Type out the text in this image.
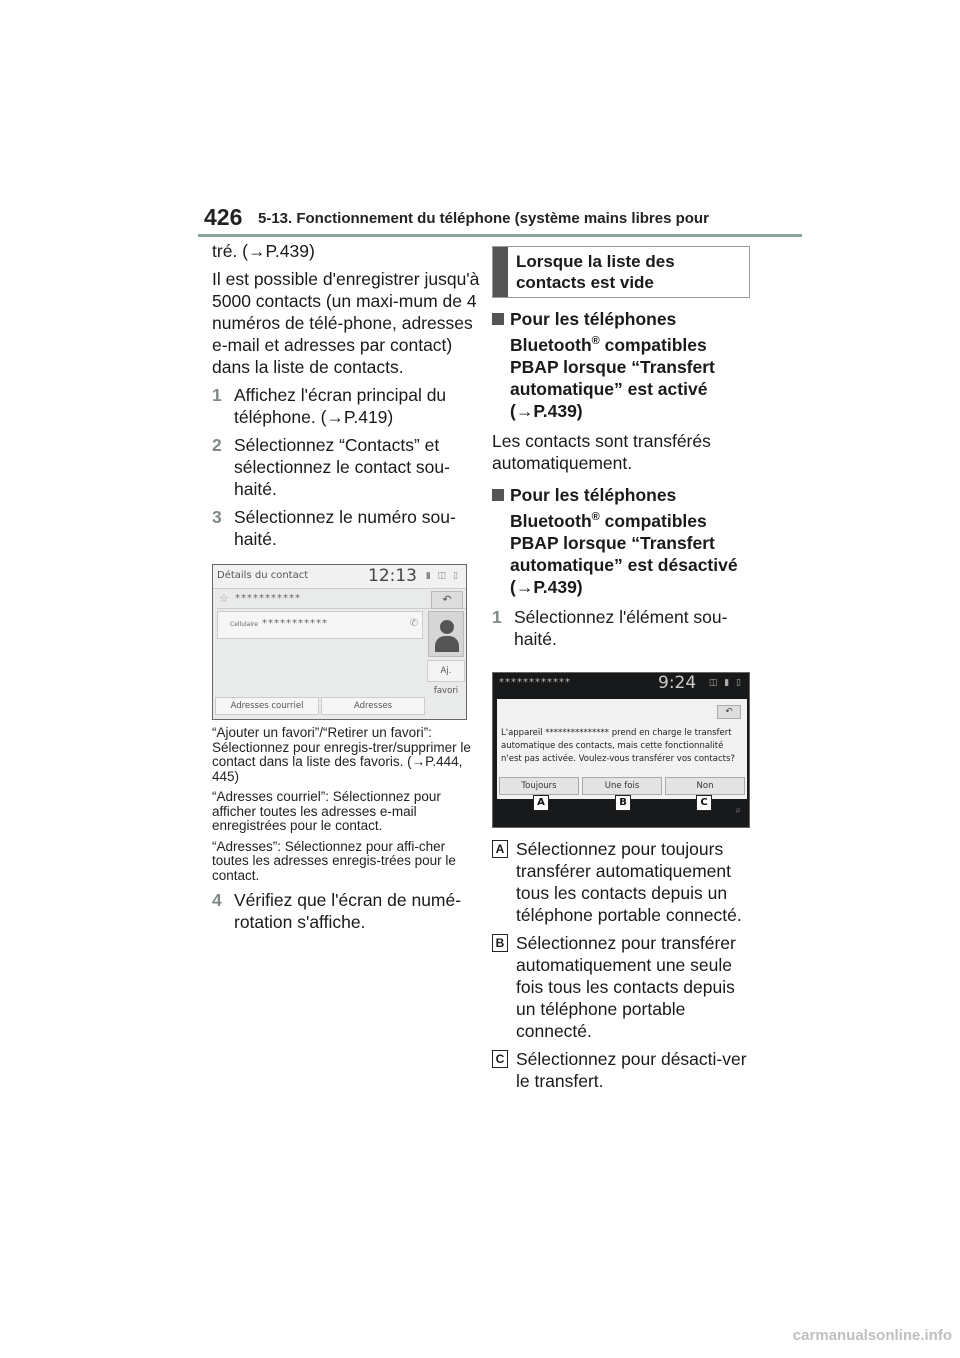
426 5-13. Fonctionnement du téléphone (système mains libres pour

tré. (→P.439)

Il est possible d'enregistrer jusqu'à 5000 contacts (un maxi-mum de 4 numéros de télé-phone, adresses e-mail et adresses par contact) dans la liste de contacts.

1 Affichez l'écran principal du téléphone. (→P.419)
2 Sélectionnez “Contacts” et sélectionnez le contact sou-haité.
3 Sélectionnez le numéro sou-haité.
Détails du contact	12:13 ▮ ◫ ▯
☆ ***********	↶
Cellulaire ***********	✆
Aj. favori
Adresses courriel	Adresses

“Ajouter un favori”/“Retirer un favori”: Sélectionnez pour enregis-trer/supprimer le contact dans la liste des favoris. (→P.444, 445)

“Adresses courriel”: Sélectionnez pour afficher toutes les adresses e-mail enregistrées pour le contact.

“Adresses”: Sélectionnez pour affi-cher toutes les adresses enregis-trées pour le contact.

4 Vérifiez que l'écran de numé-rotation s'affiche.
Lorsque la liste des contacts est vide
Pour les téléphones Bluetooth® compatibles PBAP lorsque “Transfert automatique” est activé (→P.439)

Les contacts sont transférés automatiquement.

Pour les téléphones Bluetooth® compatibles PBAP lorsque “Transfert automatique” est désactivé (→P.439)
1 Sélectionnez l'élément sou-haité.
************	9:24 ◫ ▮ ▯
↶
L'appareil *************** prend en charge le transfert automatique des contacts, mais cette fonctionnalité n'est pas activée. Voulez-vous transférer vos contacts?
Toujours	Une fois	Non
A	B	C
⌕
A Sélectionnez pour toujours transférer automatiquement tous les contacts depuis un téléphone portable connecté.
B Sélectionnez pour transférer automatiquement une seule fois tous les contacts depuis un téléphone portable connecté.
C Sélectionnez pour désacti-ver le transfert.
carmanualsonline.info
